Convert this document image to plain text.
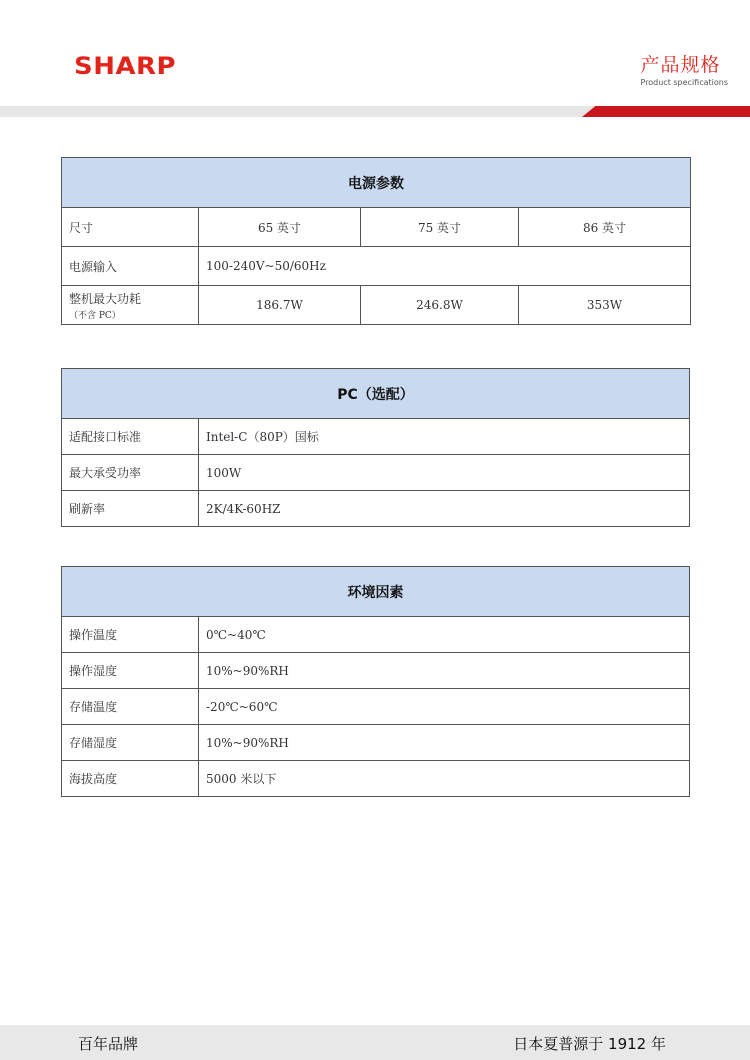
SHARP	产品规格
Product specifications
电源参数			
尺寸	65 英寸	75 英寸	86 英寸
电源输入	100-240V~50/60Hz		
整机最大功耗（不含 PC）	186.7W	246.8W	353W
PC（选配）	
适配接口标准	Intel-C（80P）国标
最大承受功率	100W
刷新率	2K/4K-60HZ
环境因素	
操作温度	0℃~40℃
操作湿度	10%~90%RH
存储温度	-20℃~60℃
存储湿度	10%~90%RH
海拔高度	5000 米以下
百年品牌	日本夏普源于 1912 年
